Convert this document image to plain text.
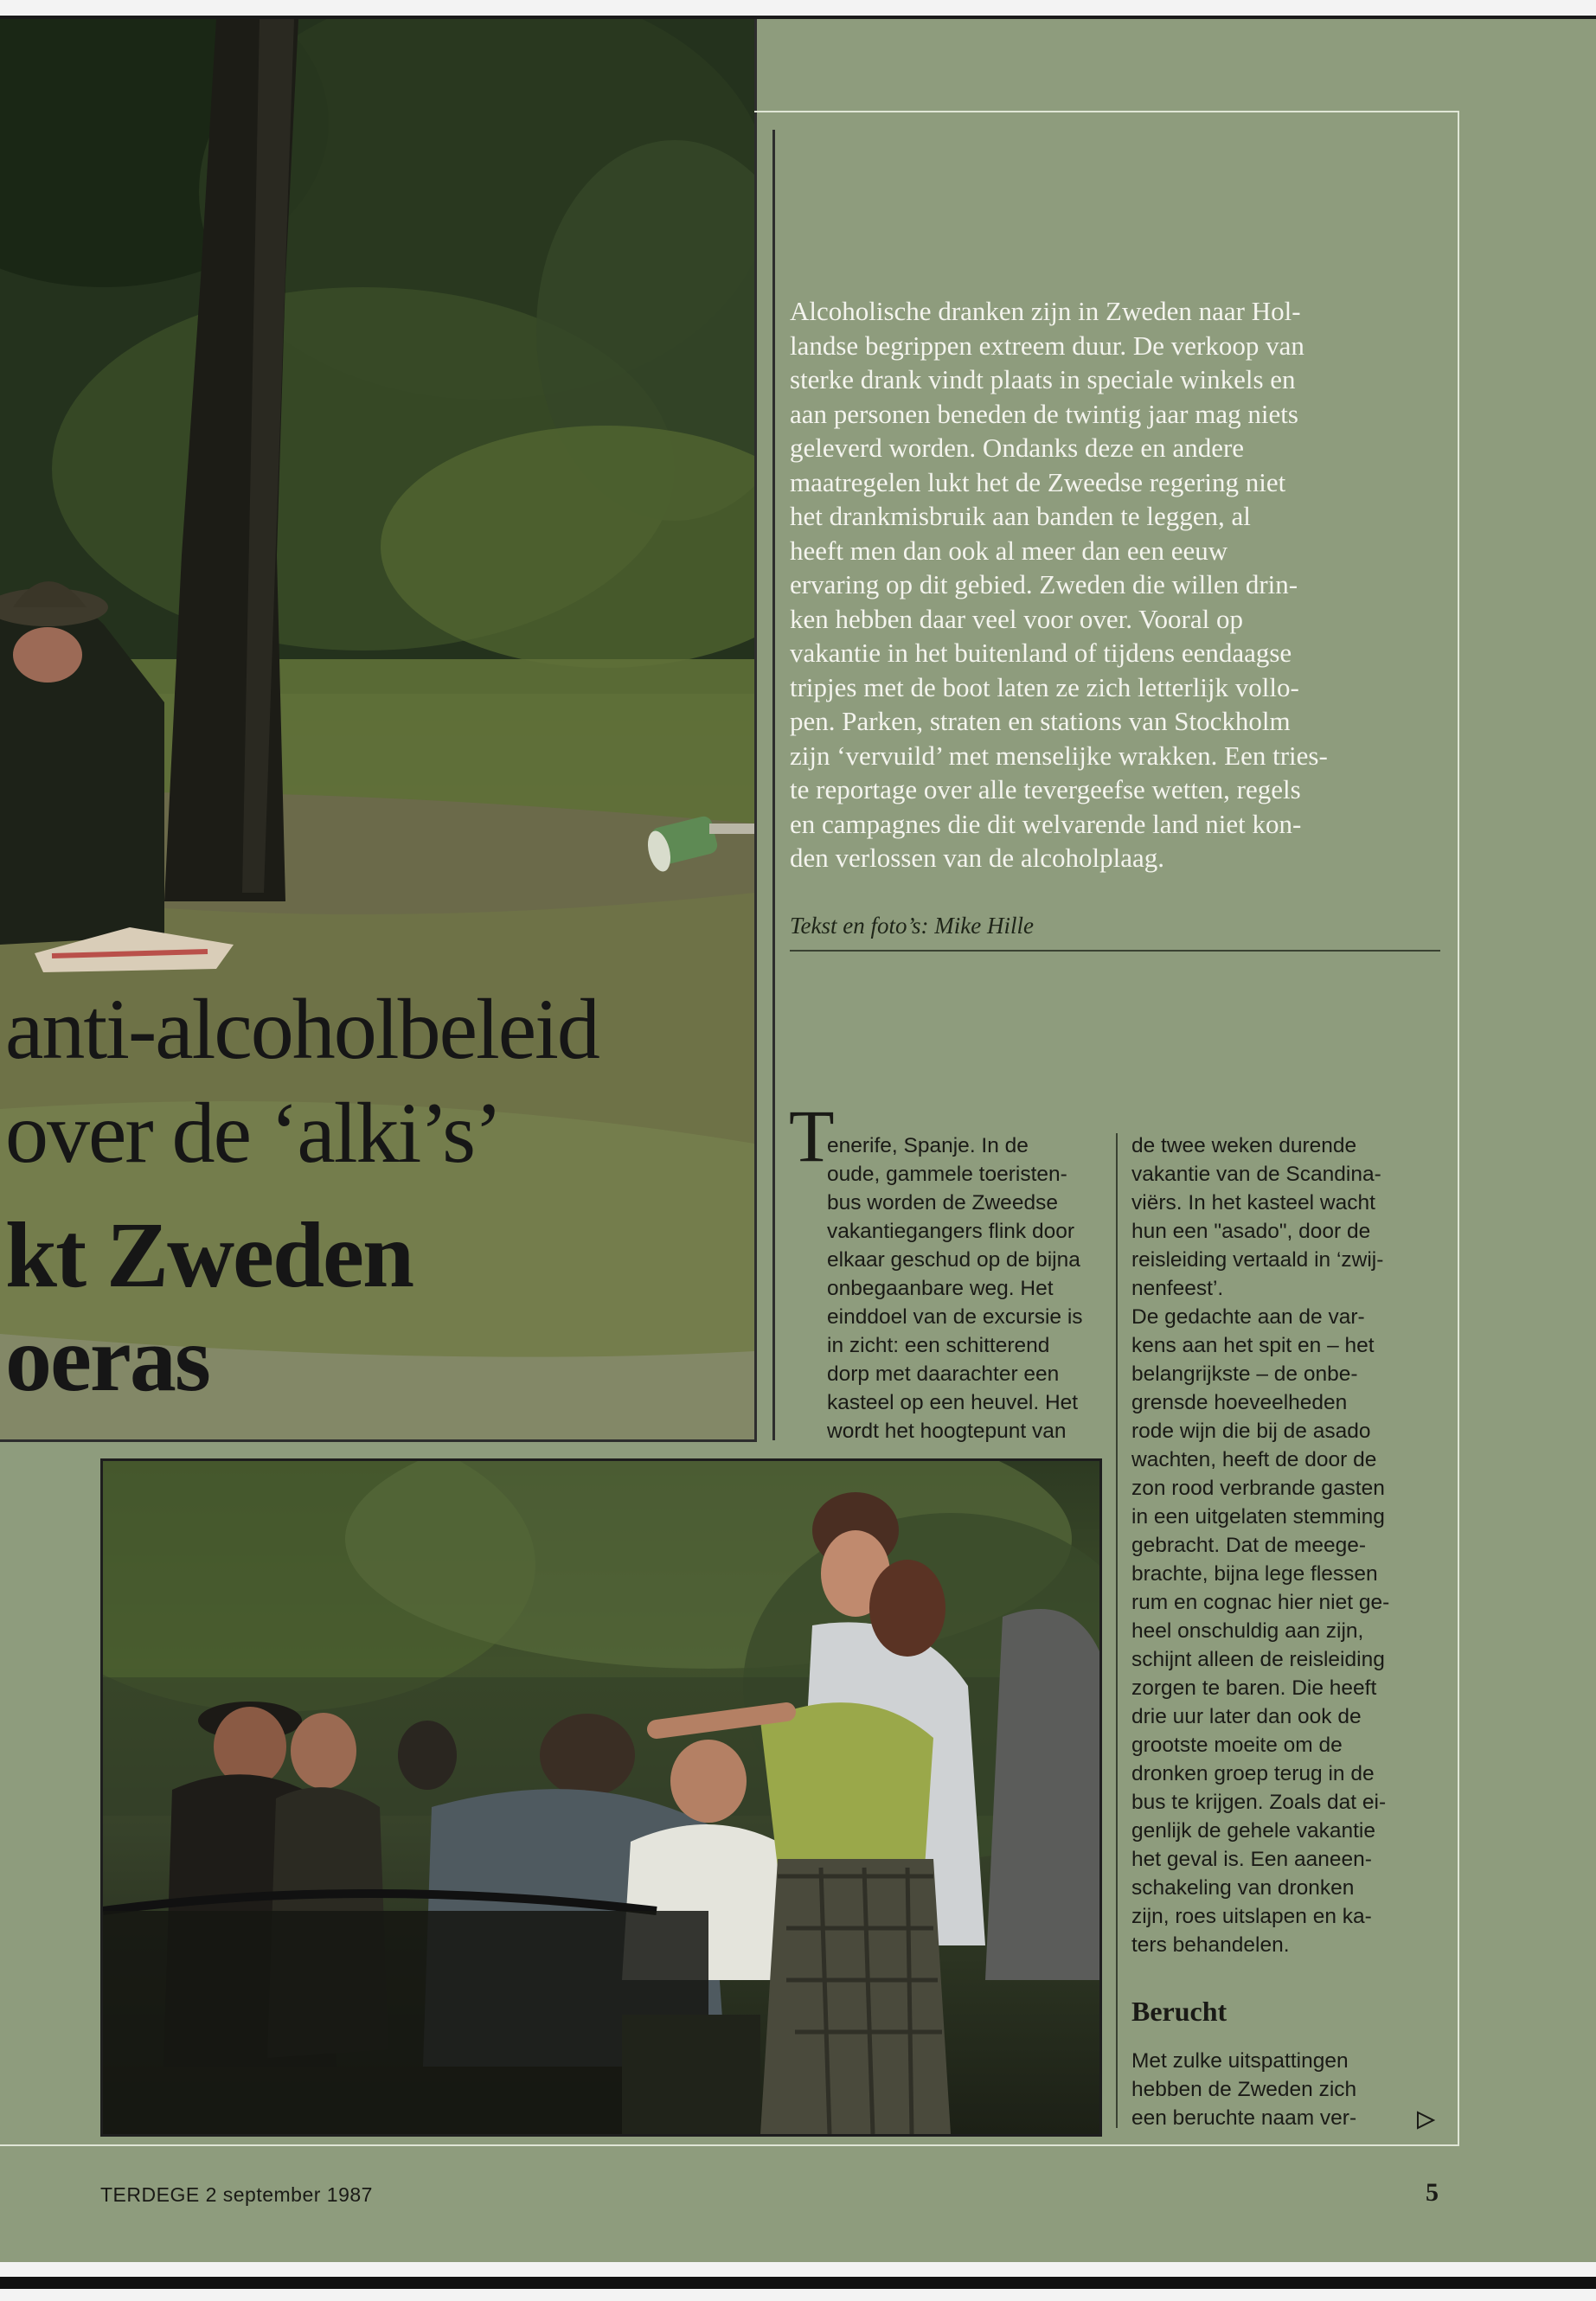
anti-alcoholbeleid
over de ‘alki’s’
kt Zweden
oeras

Alcoholische dranken zijn in Zweden naar Hol-
landse begrippen extreem duur. De verkoop van
sterke drank vindt plaats in speciale winkels en
aan personen beneden de twintig jaar mag niets
geleverd worden. Ondanks deze en andere
maatregelen lukt het de Zweedse regering niet
het drankmisbruik aan banden te leggen, al
heeft men dan ook al meer dan een eeuw
ervaring op dit gebied. Zweden die willen drin-
ken hebben daar veel voor over. Vooral op
vakantie in het buitenland of tijdens eendaagse
tripjes met de boot laten ze zich letterlijk vollo-
pen. Parken, straten en stations van Stockholm
zijn ‘vervuild’ met menselijke wrakken. Een tries-
te reportage over alle tevergeefse wetten, regels
en campagnes die dit welvarende land niet kon-
den verlossen van de alcoholplaag.

Tekst en foto’s: Mike Hille

T

enerife, Spanje. In de
oude, gammele toeristen-
bus worden de Zweedse
vakantiegangers flink door
elkaar geschud op de bijna
onbegaanbare weg. Het
einddoel van de excursie is
in zicht: een schitterend
dorp met daarachter een
kasteel op een heuvel. Het
wordt het hoogtepunt van

de twee weken durende
vakantie van de Scandina-
viërs. In het kasteel wacht
hun een "asado", door de
reisleiding vertaald in ‘zwij-
nenfeest’.
De gedachte aan de var-
kens aan het spit en – het
belangrijkste – de onbe-
grensde hoeveelheden
rode wijn die bij de asado
wachten, heeft de door de
zon rood verbrande gasten
in een uitgelaten stemming
gebracht. Dat de meege-
brachte, bijna lege flessen
rum en cognac hier niet ge-
heel onschuldig aan zijn,
schijnt alleen de reisleiding
zorgen te baren. Die heeft
drie uur later dan ook de
grootste moeite om de
dronken groep terug in de
bus te krijgen. Zoals dat ei-
genlijk de gehele vakantie
het geval is. Een aaneen-
schakeling van dronken
zijn, roes uitslapen en ka-
ters behandelen.

Berucht

Met zulke uitspattingen
hebben de Zweden zich
een beruchte naam ver-

TERDEGE 2 september 1987	5
